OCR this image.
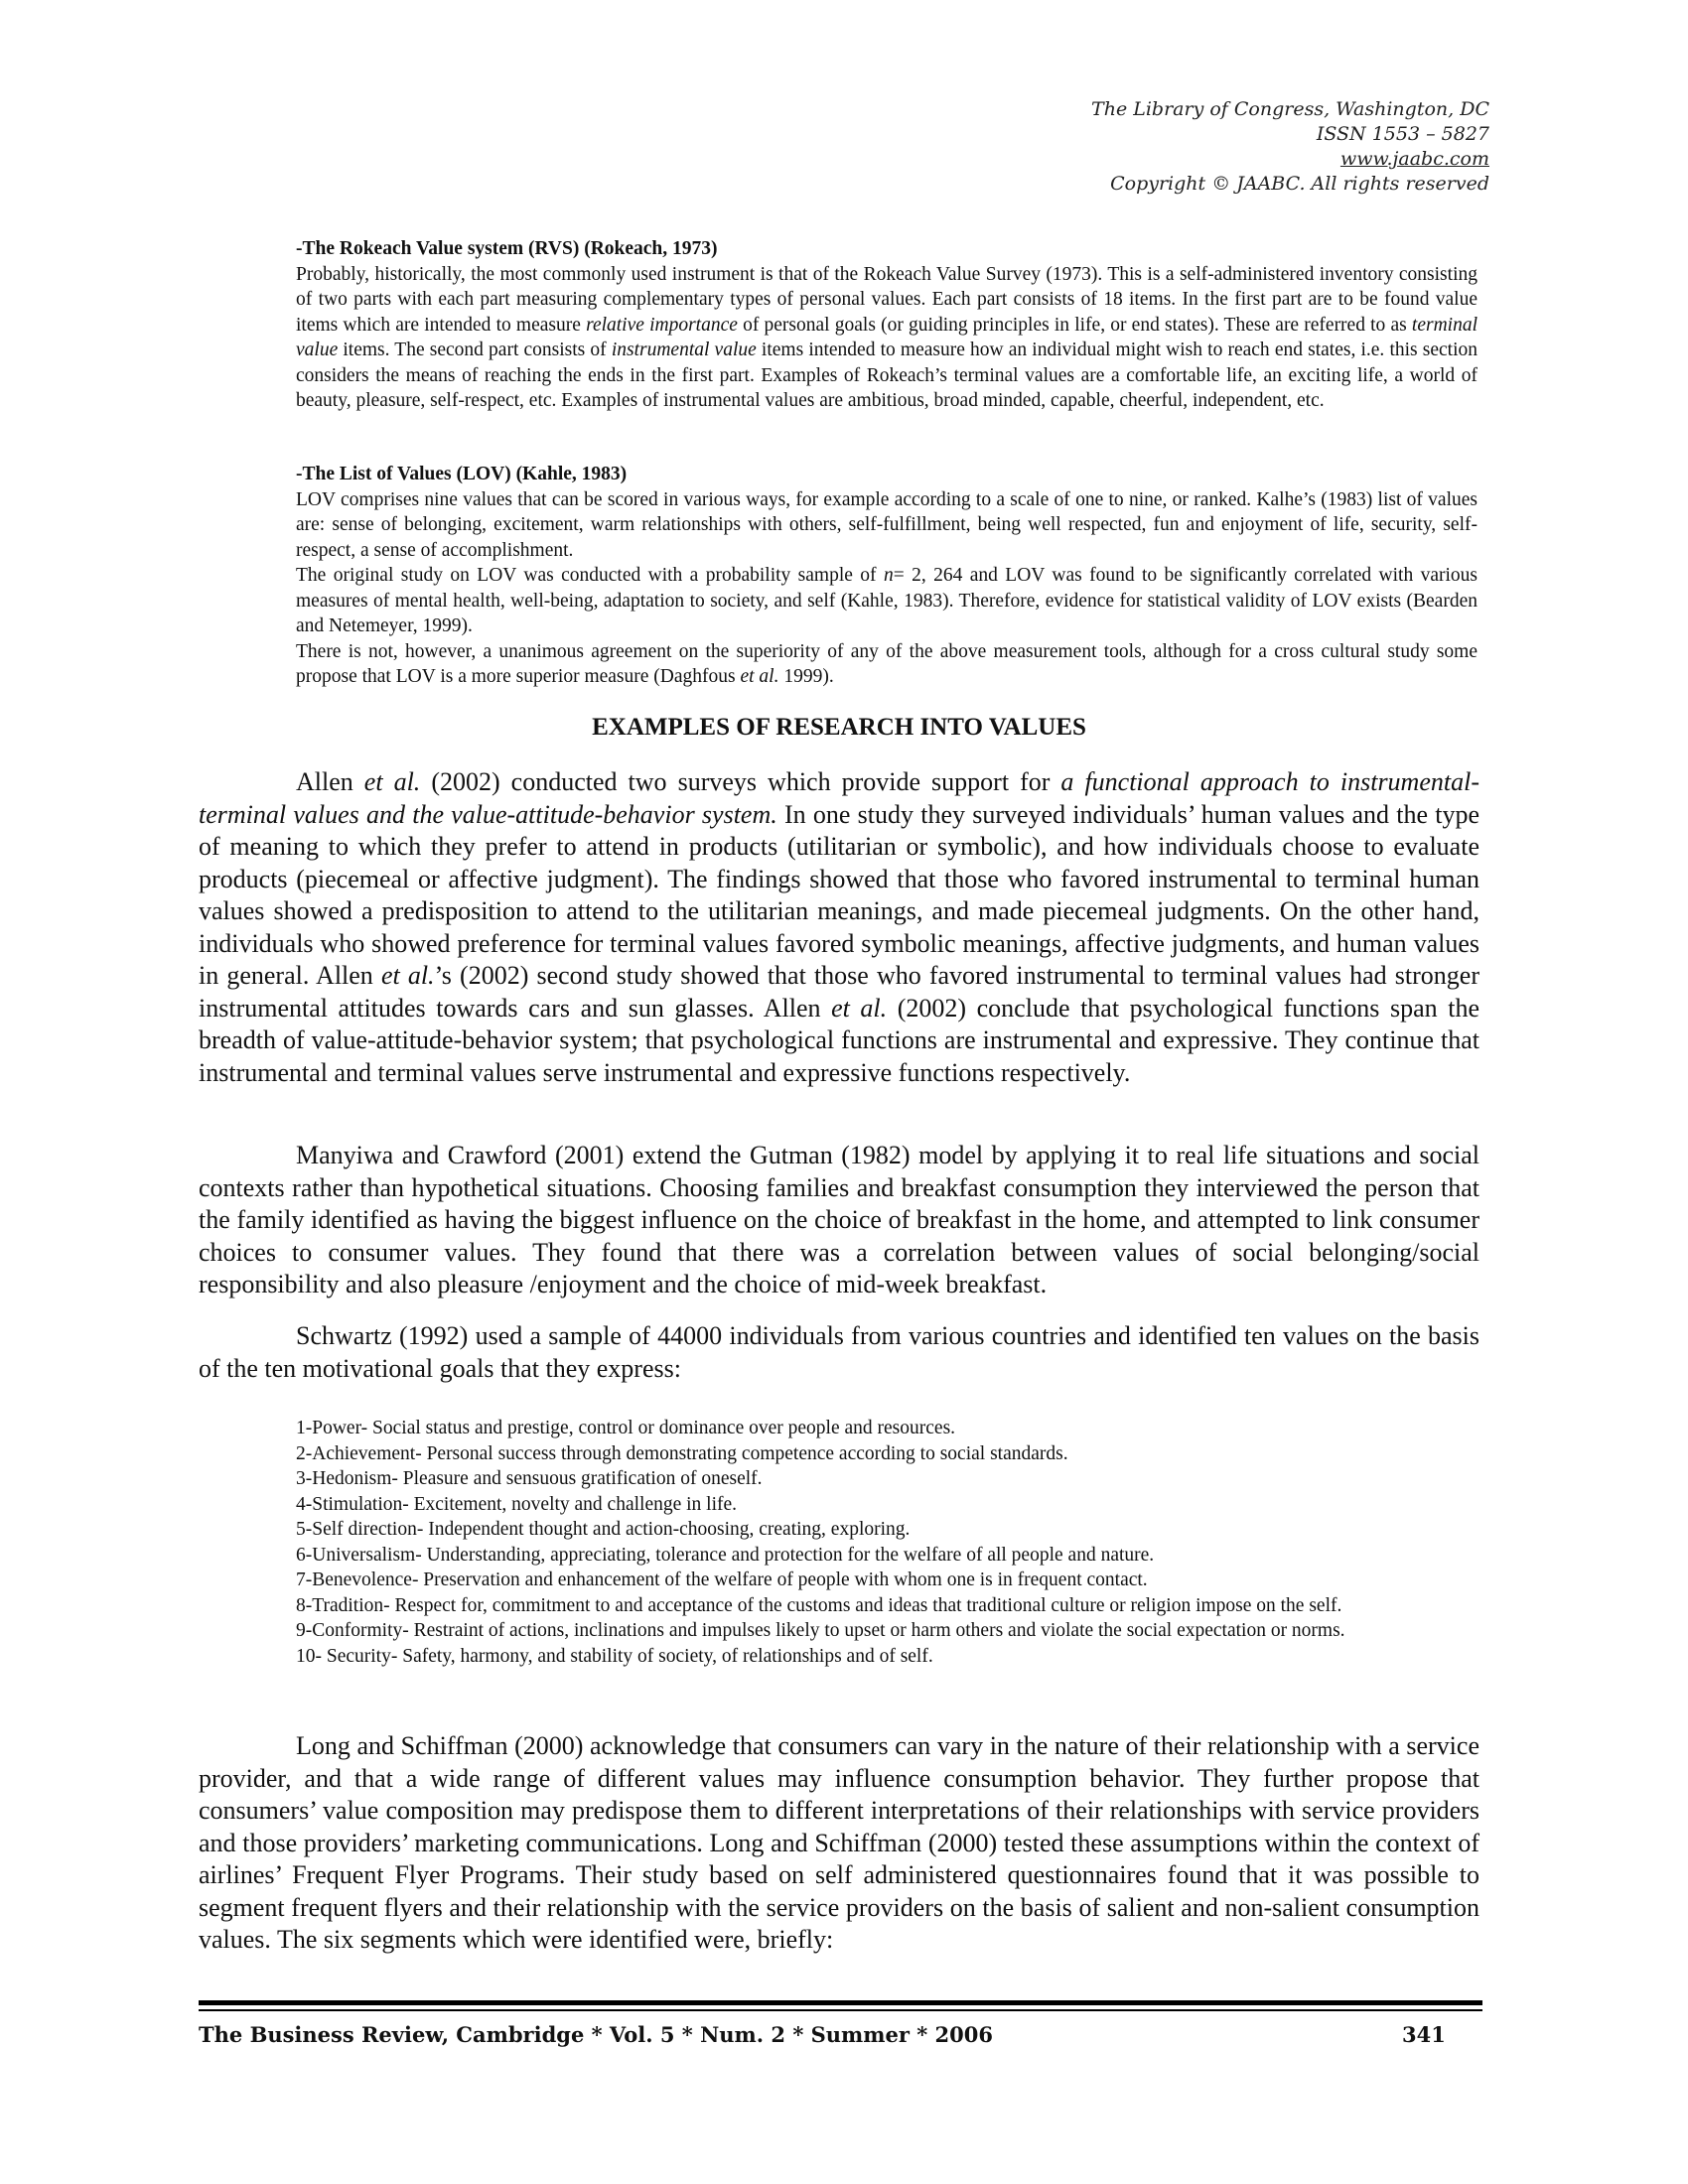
The Library of Congress, Washington, DC
ISSN 1553 – 5827
www.jaabc.com
Copyright © JAABC. All rights reserved

-The Rokeach Value system (RVS) (Rokeach, 1973)

Probably, historically, the most commonly used instrument is that of the Rokeach Value Survey (1973). This is a self-administered inventory consisting of two parts with each part measuring complementary types of personal values. Each part consists of 18 items. In the first part are to be found value items which are intended to measure relative importance of personal goals (or guiding principles in life, or end states). These are referred to as terminal value items. The second part consists of instrumental value items intended to measure how an individual might wish to reach end states, i.e. this section considers the means of reaching the ends in the first part. Examples of Rokeach’s terminal values are a comfortable life, an exciting life, a world of beauty, pleasure, self-respect, etc. Examples of instrumental values are ambitious, broad minded, capable, cheerful, independent, etc.

-The List of Values (LOV) (Kahle, 1983)

LOV comprises nine values that can be scored in various ways, for example according to a scale of one to nine, or ranked. Kalhe’s (1983) list of values are: sense of belonging, excitement, warm relationships with others, self-fulfillment, being well respected, fun and enjoyment of life, security, self- respect, a sense of accomplishment.

The original study on LOV was conducted with a probability sample of n= 2, 264 and LOV was found to be significantly correlated with various measures of mental health, well-being, adaptation to society, and self (Kahle, 1983). Therefore, evidence for statistical validity of LOV exists (Bearden and Netemeyer, 1999).

There is not, however, a unanimous agreement on the superiority of any of the above measurement tools, although for a cross cultural study some propose that LOV is a more superior measure (Daghfous et al. 1999).

EXAMPLES OF RESEARCH INTO VALUES

Allen et al. (2002) conducted two surveys which provide support for a functional approach to instrumental- terminal values and the value-attitude-behavior system. In one study they surveyed individuals’ human values and the type of meaning to which they prefer to attend in products (utilitarian or symbolic), and how individuals choose to evaluate products (piecemeal or affective judgment). The findings showed that those who favored instrumental to terminal human values showed a predisposition to attend to the utilitarian meanings, and made piecemeal judgments. On the other hand, individuals who showed preference for terminal values favored symbolic meanings, affective judgments, and human values in general. Allen et al.’s (2002) second study showed that those who favored instrumental to terminal values had stronger instrumental attitudes towards cars and sun glasses. Allen et al. (2002) conclude that psychological functions span the breadth of value-attitude-behavior system; that psychological functions are instrumental and expressive. They continue that instrumental and terminal values serve instrumental and expressive functions respectively.

Manyiwa and Crawford (2001) extend the Gutman (1982) model by applying it to real life situations and social contexts rather than hypothetical situations. Choosing families and breakfast consumption they interviewed the person that the family identified as having the biggest influence on the choice of breakfast in the home, and attempted to link consumer choices to consumer values. They found that there was a correlation between values of social belonging/social responsibility and also pleasure /enjoyment and the choice of mid-week breakfast.

Schwartz (1992) used a sample of 44000 individuals from various countries and identified ten values on the basis of the ten motivational goals that they express:

1-Power- Social status and prestige, control or dominance over people and resources.
2-Achievement- Personal success through demonstrating competence according to social standards.
3-Hedonism- Pleasure and sensuous gratification of oneself.
4-Stimulation- Excitement, novelty and challenge in life.
5-Self direction- Independent thought and action-choosing, creating, exploring.
6-Universalism- Understanding, appreciating, tolerance and protection for the welfare of all people and nature.
7-Benevolence- Preservation and enhancement of the welfare of people with whom one is in frequent contact.
8-Tradition- Respect for, commitment to and acceptance of the customs and ideas that traditional culture or religion impose on the self.
9-Conformity- Restraint of actions, inclinations and impulses likely to upset or harm others and violate the social expectation or norms.
10- Security- Safety, harmony, and stability of society, of relationships and of self.

Long and Schiffman (2000) acknowledge that consumers can vary in the nature of their relationship with a service provider, and that a wide range of different values may influence consumption behavior. They further propose that consumers’ value composition may predispose them to different interpretations of their relationships with service providers and those providers’ marketing communications. Long and Schiffman (2000) tested these assumptions within the context of airlines’ Frequent Flyer Programs. Their study based on self administered questionnaires found that it was possible to segment frequent flyers and their relationship with the service providers on the basis of salient and non-salient consumption values. The six segments which were identified were, briefly:

The Business Review, Cambridge * Vol. 5 * Num. 2 * Summer * 2006	341
